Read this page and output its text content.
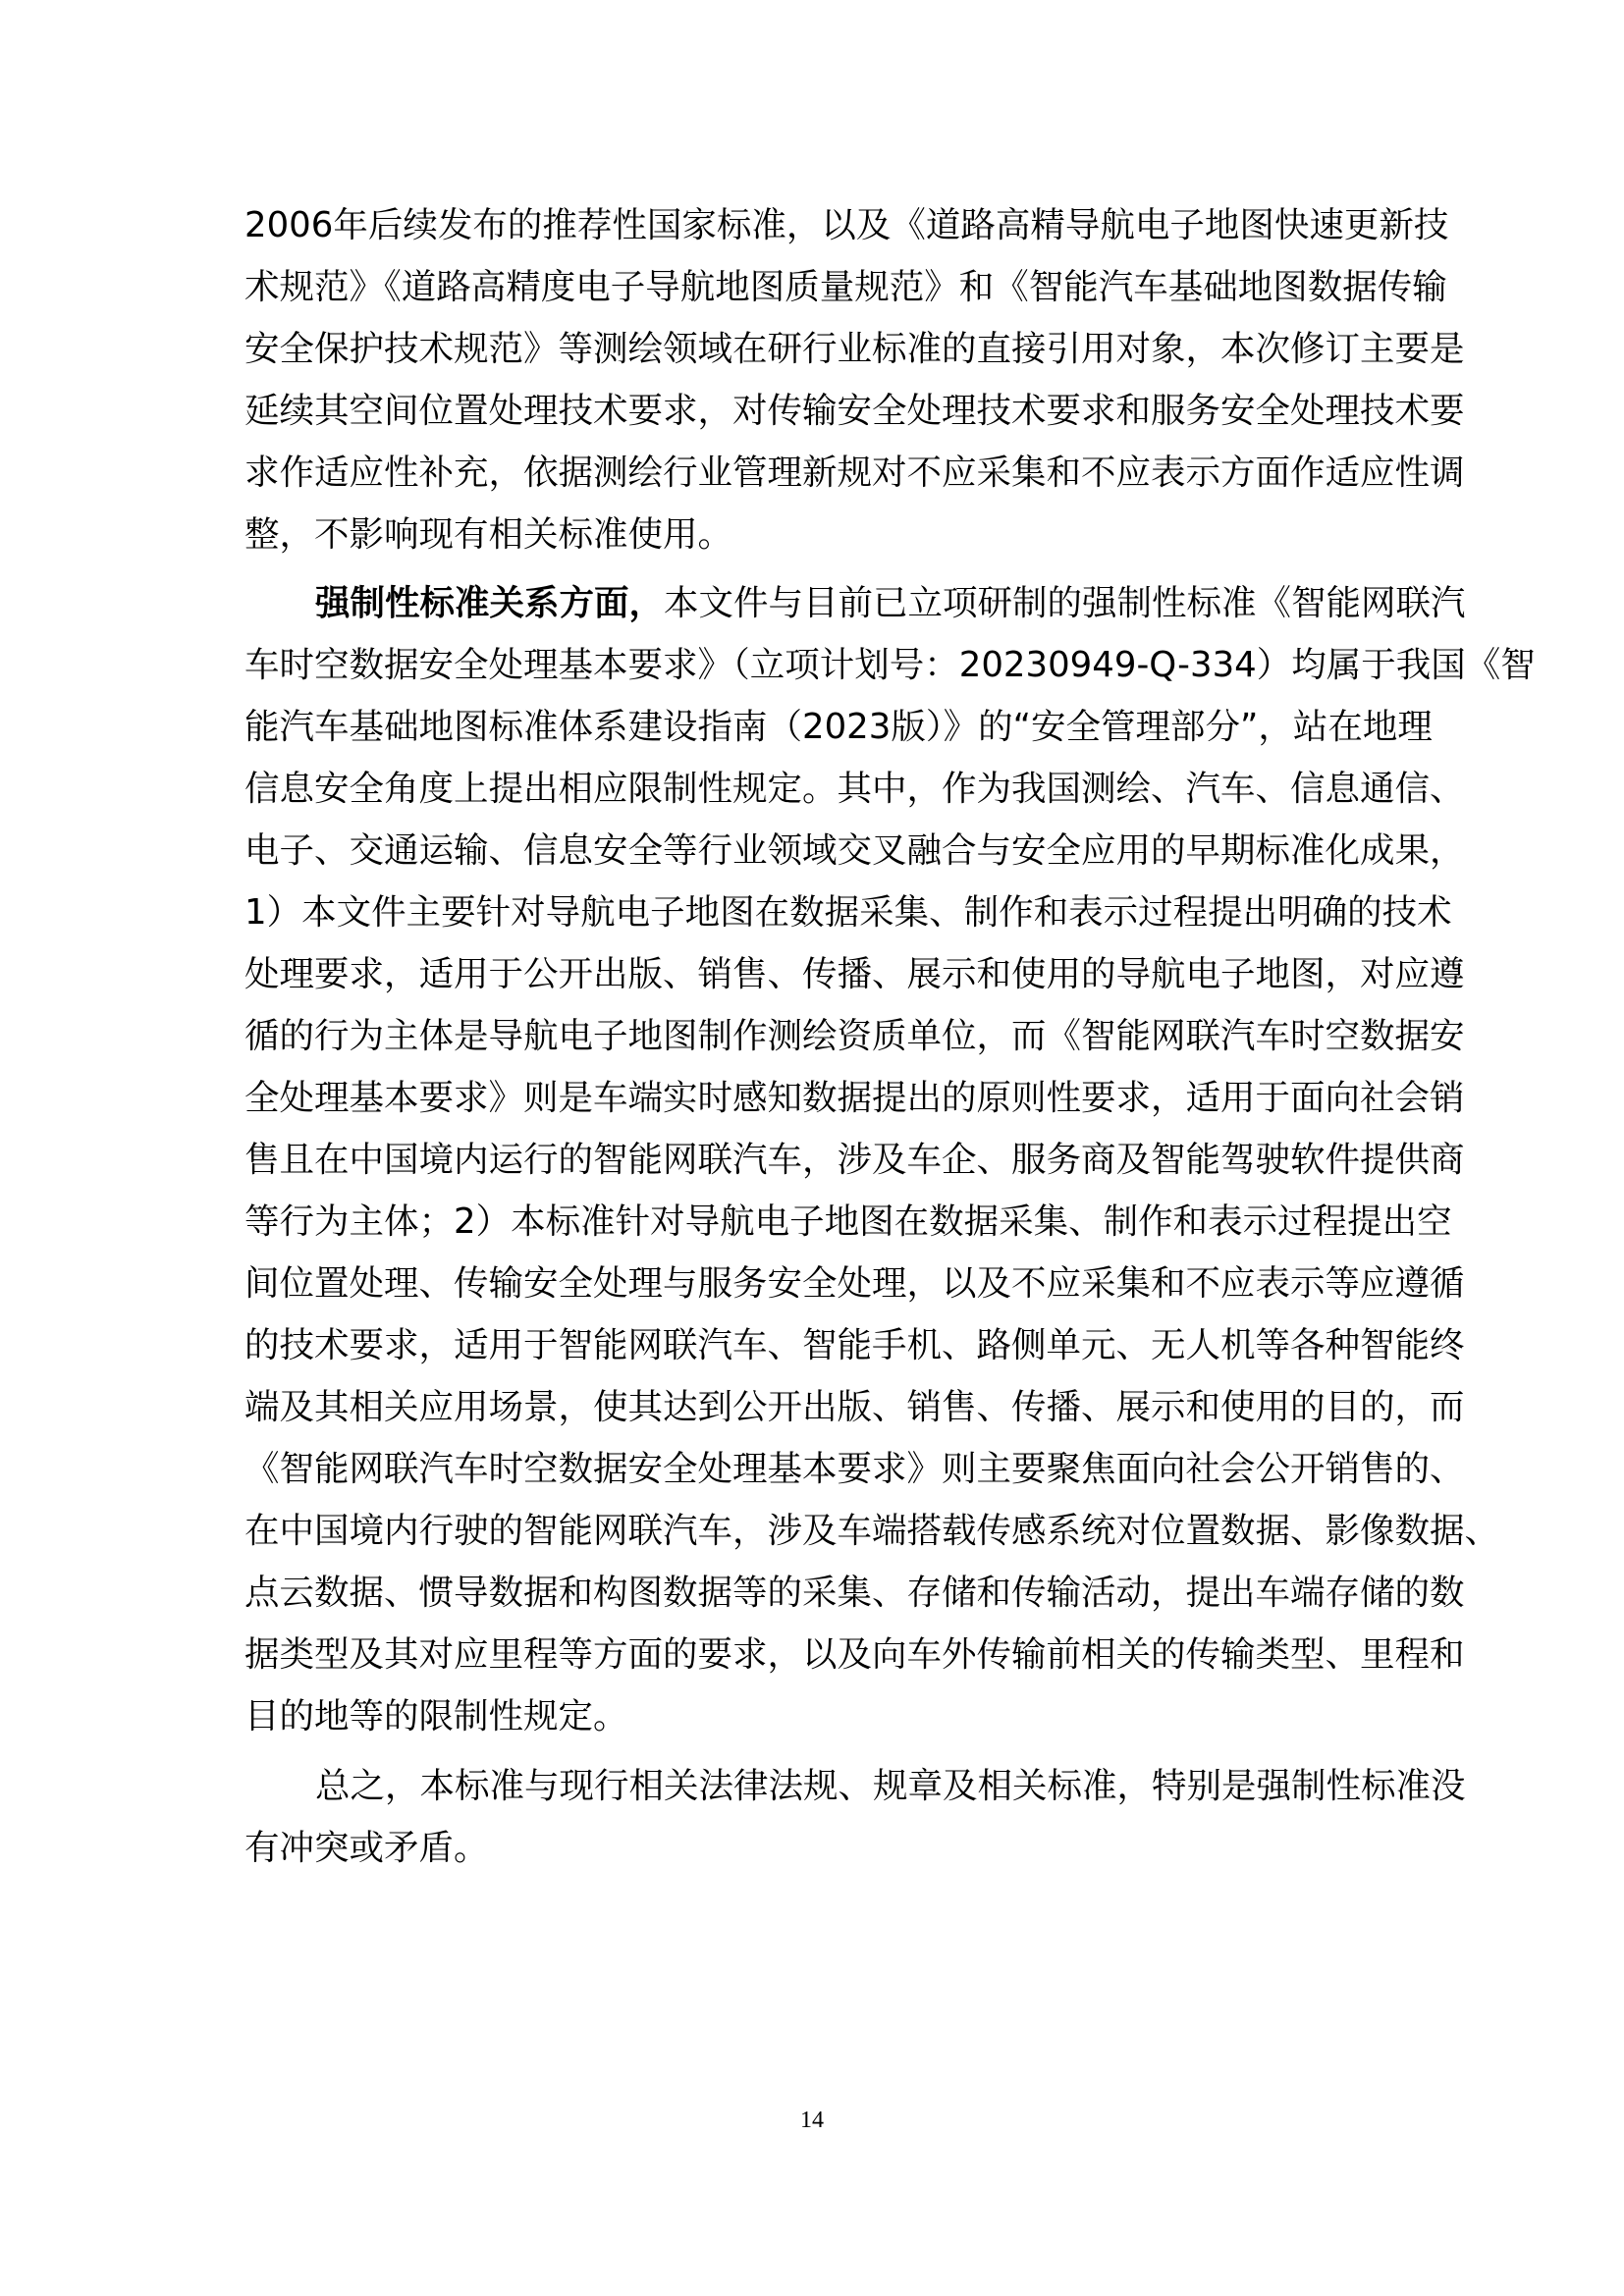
2006年后续发布的推荐性国家标准，以及《道路高精导航电子地图快速更新技
术规范》《道路高精度电子导航地图质量规范》和《智能汽车基础地图数据传输
安全保护技术规范》等测绘领域在研行业标准的直接引用对象，本次修订主要是
延续其空间位置处理技术要求，对传输安全处理技术要求和服务安全处理技术要
求作适应性补充，依据测绘行业管理新规对不应采集和不应表示方面作适应性调
整，不影响现有相关标准使用。
强制性标准关系方面，本文件与目前已立项研制的强制性标准《智能网联汽
车时空数据安全处理基本要求》（立项计划号：20230949-Q-334）均属于我国《智
能汽车基础地图标准体系建设指南（2023版）》的“安全管理部分”，站在地理
信息安全角度上提出相应限制性规定。其中，作为我国测绘、汽车、信息通信、
电子、交通运输、信息安全等行业领域交叉融合与安全应用的早期标准化成果，
1）本文件主要针对导航电子地图在数据采集、制作和表示过程提出明确的技术
处理要求，适用于公开出版、销售、传播、展示和使用的导航电子地图，对应遵
循的行为主体是导航电子地图制作测绘资质单位，而《智能网联汽车时空数据安
全处理基本要求》则是车端实时感知数据提出的原则性要求，适用于面向社会销
售且在中国境内运行的智能网联汽车，涉及车企、服务商及智能驾驶软件提供商
等行为主体；2）本标准针对导航电子地图在数据采集、制作和表示过程提出空
间位置处理、传输安全处理与服务安全处理，以及不应采集和不应表示等应遵循
的技术要求，适用于智能网联汽车、智能手机、路侧单元、无人机等各种智能终
端及其相关应用场景，使其达到公开出版、销售、传播、展示和使用的目的，而
《智能网联汽车时空数据安全处理基本要求》则主要聚焦面向社会公开销售的、
在中国境内行驶的智能网联汽车，涉及车端搭载传感系统对位置数据、影像数据、
点云数据、惯导数据和构图数据等的采集、存储和传输活动，提出车端存储的数
据类型及其对应里程等方面的要求，以及向车外传输前相关的传输类型、里程和
目的地等的限制性规定。
总之，本标准与现行相关法律法规、规章及相关标准，特别是强制性标准没
有冲突或矛盾。
14
